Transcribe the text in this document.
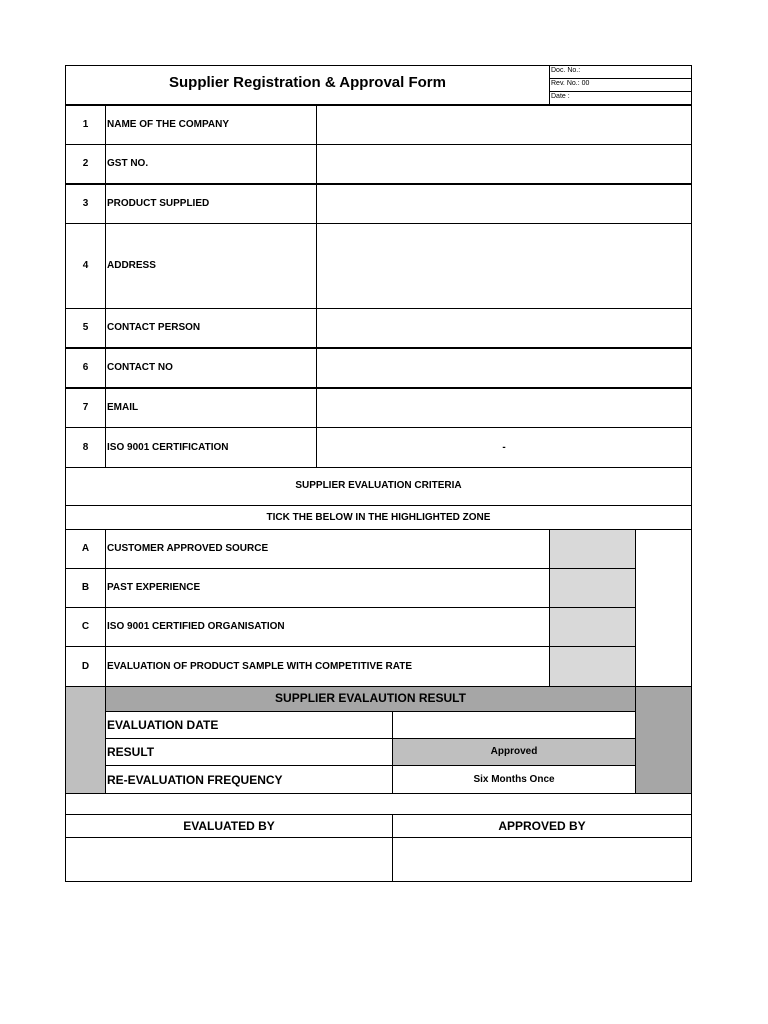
Supplier Registration & Approval Form
Doc. No.:
Rev. No.: 00
Date :
1	NAME OF THE COMPANY
2	GST NO.
3	PRODUCT SUPPLIED
4	ADDRESS
5	CONTACT PERSON
6	CONTACT NO
7	EMAIL
8	ISO 9001 CERTIFICATION	-
SUPPLIER EVALUATION CRITERIA
TICK THE BELOW IN THE HIGHLIGHTED ZONE
A	CUSTOMER APPROVED SOURCE
B	PAST EXPERIENCE
C	ISO 9001 CERTIFIED ORGANISATION
D	EVALUATION OF PRODUCT SAMPLE WITH COMPETITIVE RATE
SUPPLIER EVALAUTION RESULT
EVALUATION DATE
RESULT	Approved
RE-EVALUATION FREQUENCY	Six Months Once
EVALUATED BY	APPROVED BY
